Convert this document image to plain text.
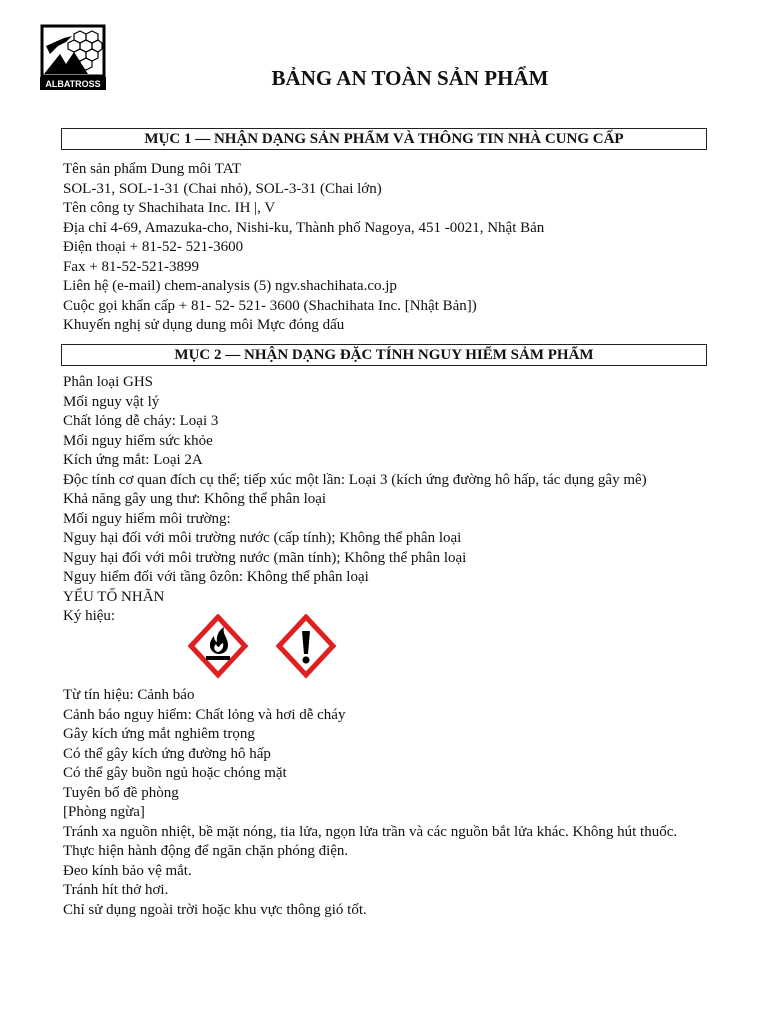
ALBATROSS	BẢNG AN TOÀN SẢN PHẨM
MỤC 1 — NHẬN DẠNG SẢN PHẨM VÀ THÔNG TIN NHÀ CUNG CẤP
Tên sản phẩm Dung môi TAT
SOL-31, SOL-1-31 (Chai nhỏ), SOL-3-31 (Chai lớn)
Tên công ty Shachihata Inc. IH |, V
Địa chỉ 4-69, Amazuka-cho, Nishi-ku, Thành phố Nagoya, 451 -0021, Nhật Bản
Điện thoại + 81-52- 521-3600
Fax + 81-52-521-3899
Liên hệ (e-mail) chem-analysis (5) ngv.shachihata.co.jp
Cuộc gọi khẩn cấp + 81- 52- 521- 3600 (Shachihata Inc. [Nhật Bản])
Khuyến nghị sử dụng dung môi Mực đóng dấu
MỤC 2 — NHẬN DẠNG ĐẶC TÍNH NGUY HIỂM SẢM PHẨM
Phân loại GHS
Mối nguy vật lý
Chất lỏng dễ cháy: Loại 3
Mối nguy hiểm sức khỏe
Kích ứng mắt: Loại 2A
Độc tính cơ quan đích cụ thể; tiếp xúc một lần: Loại 3 (kích ứng đường hô hấp, tác dụng gây mê)
Khả năng gây ung thư: Không thể phân loại
Mối nguy hiểm môi trường:
Nguy hại đối với môi trường nước (cấp tính); Không thể phân loại
Nguy hại đối với môi trường nước (mãn tính); Không thể phân loại
Nguy hiểm đối với tầng ôzôn: Không thể phân loại
YẾU TỐ NHÃN
Ký hiệu:
Từ tín hiệu: Cảnh báo
Cảnh báo nguy hiểm: Chất lỏng và hơi dễ cháy
Gây kích ứng mắt nghiêm trọng
Có thể gây kích ứng đường hô hấp
Có thể gây buồn ngủ hoặc chóng mặt
Tuyên bố đề phòng
[Phòng ngừa]
Tránh xa nguồn nhiệt, bề mặt nóng, tia lửa, ngọn lửa trần và các nguồn bắt lửa khác. Không hút thuốc.
Thực hiện hành động để ngăn chặn phóng điện.
Đeo kính bảo vệ mắt.
Tránh hít thở hơi.
Chỉ sử dụng ngoài trời hoặc khu vực thông gió tốt.
